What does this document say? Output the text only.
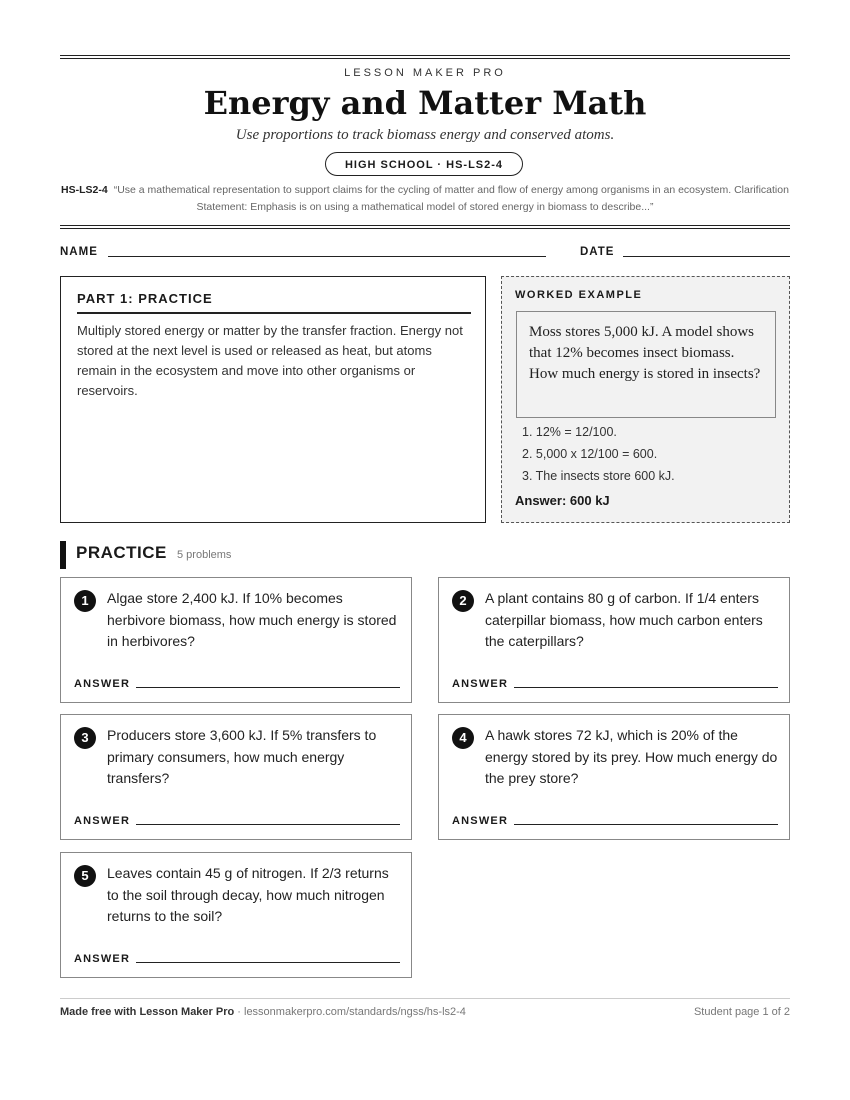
LESSON MAKER PRO
Energy and Matter Math
Use proportions to track biomass energy and conserved atoms.
HIGH SCHOOL · HS-LS2-4
HS-LS2-4 “Use a mathematical representation to support claims for the cycling of matter and flow of energy among organisms in an ecosystem. Clarification Statement: Emphasis is on using a mathematical model of stored energy in biomass to describe...”
NAME	DATE
PART 1: PRACTICE

Multiply stored energy or matter by the transfer fraction. Energy not stored at the next level is used or released as heat, but atoms remain in the ecosystem and move into other organisms or reservoirs.

WORKED EXAMPLE
Moss stores 5,000 kJ. A model shows that 12% becomes insect biomass. How much energy is stored in insects?
1. 12% = 12/100.
2. 5,000 x 12/100 = 600.
3. The insects store 600 kJ.
Answer: 600 kJ
PRACTICE 5 problems
1	Algae store 2,400 kJ. If 10% becomes herbivore biomass, how much energy is stored in herbivores?
ANSWER
2	A plant contains 80 g of carbon. If 1/4 enters caterpillar biomass, how much carbon enters the caterpillars?
ANSWER
3	Producers store 3,600 kJ. If 5% transfers to primary consumers, how much energy transfers?
ANSWER
4	A hawk stores 72 kJ, which is 20% of the energy stored by its prey. How much energy do the prey store?
ANSWER
5	Leaves contain 45 g of nitrogen. If 2/3 returns to the soil through decay, how much nitrogen returns to the soil?
ANSWER
Made free with Lesson Maker Pro · lessonmakerpro.com/standards/ngss/hs-ls2-4	Student page 1 of 2
